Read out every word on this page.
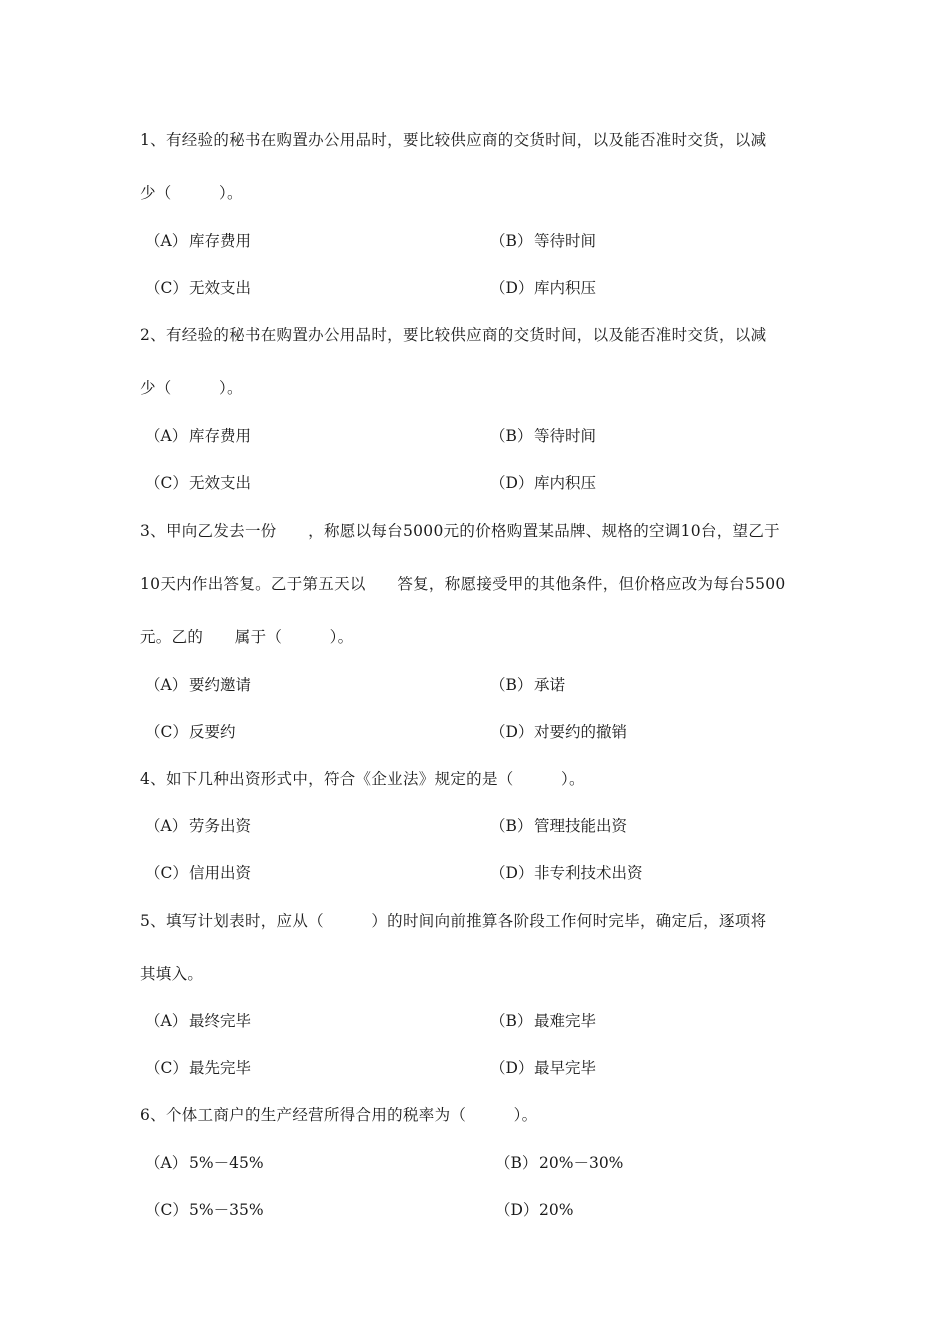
1、有经验的秘书在购置办公用品时，要比较供应商的交货时间，以及能否准时交货，以减
少（　　　）。
（A） 库存费用	（B） 等待时间
（C）无效支出	（D）库内积压
2、有经验的秘书在购置办公用品时，要比较供应商的交货时间，以及能否准时交货，以减
少（　　　）。
（A） 库存费用	（B） 等待时间
（C）无效支出	（D）库内积压
3、甲向乙发去一份　　，称愿以每台5000元的价格购置某品牌、规格的空调10台，望乙于
10天内作出答复。乙于第五天以　　答复，称愿接受甲的其他条件，但价格应改为每台5500
元。乙的　　属于（　　　）。
（A） 要约邀请	（B） 承诺
（C）反要约	（D）对要约的撤销
4、如下几种出资形式中，符合《企业法》规定的是（　　　）。
（A） 劳务出资	（B） 管理技能出资
（C）信用出资	（D）非专利技术出资
5、填写计划表时，应从（　　　）的时间向前推算各阶段工作何时完毕，确定后，逐项将
其填入。
（A） 最终完毕	（B） 最难完毕
（C）最先完毕	（D）最早完毕
6、个体工商户的生产经营所得合用的税率为（　　　）。
（A） 5%－45%	（B） 20%－30%
（C）5%－35%	（D）20%
